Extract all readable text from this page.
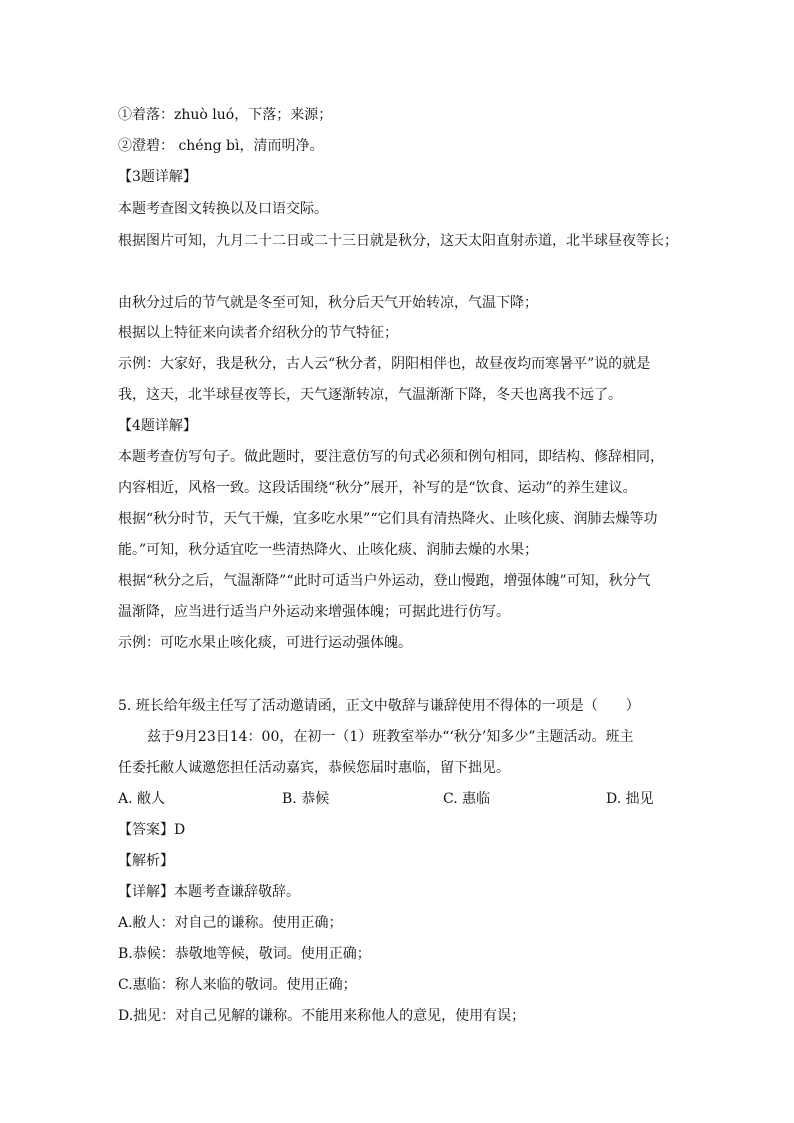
①着落：zhuò luó，下落；来源；
②澄碧： chéng bì，清而明净。
【3题详解】
本题考查图文转换以及口语交际。
根据图片可知，九月二十二日或二十三日就是秋分，这天太阳直射赤道，北半球昼夜等长；
由秋分过后的节气就是冬至可知，秋分后天气开始转凉，气温下降；
根据以上特征来向读者介绍秋分的节气特征；
示例：大家好，我是秋分，古人云“秋分者，阴阳相伴也，故昼夜均而寒暑平”说的就是
我，这天，北半球昼夜等长，天气逐渐转凉，气温渐渐下降，冬天也离我不远了。
【4题详解】
本题考查仿写句子。做此题时，要注意仿写的句式必须和例句相同，即结构、修辞相同，
内容相近，风格一致。这段话围绕“秋分”展开，补写的是“饮食、运动”的养生建议。
根据“秋分时节，天气干燥，宜多吃水果”“它们具有清热降火、止咳化痰、润肺去燥等功
能。”可知，秋分适宜吃一些清热降火、止咳化痰、润肺去燥的水果；
根据“秋分之后，气温渐降”“此时可适当户外运动，登山慢跑，增强体魄”可知，秋分气
温渐降，应当进行适当户外运动来增强体魄；可据此进行仿写。
示例：可吃水果止咳化痰，可进行运动强体魄。
5. 班长给年级主任写了活动邀请函，正文中敬辞与谦辞使用不得体的一项是（　　）
兹于9月23日14：00，在初一（1）班教室举办“‘秋分’知多少”主题活动。班主
任委托敝人诚邀您担任活动嘉宾，恭候您届时惠临，留下拙见。
A. 敝人	B. 恭候	C. 惠临	D. 拙见
【答案】D
【解析】
【详解】本题考查谦辞敬辞。
A.敝人：对自己的谦称。使用正确；
B.恭候：恭敬地等候，敬词。使用正确；
C.惠临：称人来临的敬词。使用正确；
D.拙见：对自己见解的谦称。不能用来称他人的意见，使用有误；
